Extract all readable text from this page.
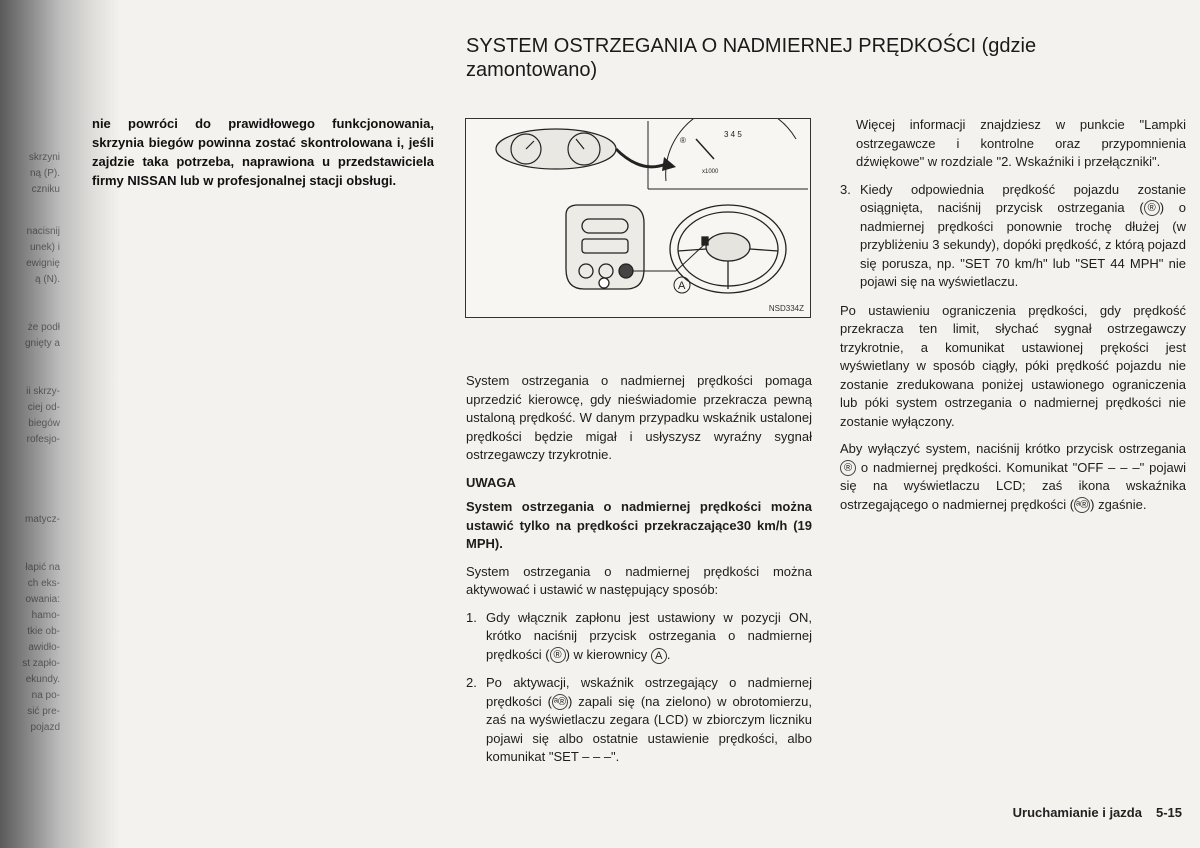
skrzyni
ną (P).
czniku
nacisnij
unek) i
ewignię
ą (N).
że podł
gnięty a
ii skrzy-
ciej od-
biegów
rofesjo-
matycz-
łapić na
ch eks-
owania:
hamo-
tkie ob-
awidło-
st zapło-
ekundy.
na po-
sić pre-
pojazd
SYSTEM OSTRZEGANIA O NADMIERNEJ PRĘDKOŚCI (gdzie zamontowano)

nie powróci do prawidłowego funkcjonowania, skrzynia biegów powinna zostać skontrolowana i, jeśli zajdzie taka potrzeba, naprawiona u przedstawiciela firmy NISSAN lub w profesjonalnej stacji obsługi.

®
3 4 5
x1000
A
NSD334Z

System ostrzegania o nadmiernej prędkości pomaga uprzedzić kierowcę, gdy nieświadomie przekracza pewną ustaloną prędkość. W danym przypadku wskaźnik ustalonej prędkości będzie migał i usłyszysz wyraźny sygnał ostrzegawczy trzykrotnie.

UWAGA

System ostrzegania o nadmiernej prędkości można ustawić tylko na prędkości przekraczające30 km/h (19 MPH).

System ostrzegania o nadmiernej prędkości można aktywować i ustawić w następujący sposób:

1. Gdy włącznik zapłonu jest ustawiony w pozycji ON, krótko naciśnij przycisk ostrzegania o nadmiernej prędkości ( ® ) w kierownicy A .
2. Po aktywacji, wskaźnik ostrzegający o nadmiernej prędkości ( ᵃ® ) zapali się (na zielono) w obrotomierzu, zaś na wyświetlaczu zegara (LCD) w zbiorczym liczniku pojawi się albo ostatnie ustawienie prędkości, albo komunikat "SET – – –".

Więcej informacji znajdziesz w punkcie "Lampki ostrzegawcze i kontrolne oraz przypomnienia dźwiękowe" w rozdziale "2. Wskaźniki i przełączniki".

3. Kiedy odpowiednia prędkość pojazdu zostanie osiągnięta, naciśnij przycisk ostrzegania ( ® ) o nadmiernej prędkości ponownie trochę dłużej (w przybliżeniu 3 sekundy), dopóki prędkość, z którą pojazd się porusza, np. "SET 70 km/h" lub "SET 44 MPH" nie pojawi się na wyświetlaczu.

Po ustawieniu ograniczenia prędkości, gdy prędkość przekracza ten limit, słychać sygnał ostrzegawczy trzykrotnie, a komunikat ustawionej prękości jest wyświetlany w sposób ciągły, póki prędkość pojazdu nie zostanie zredukowana poniżej ustawionego ograniczenia lub póki system ostrzegania o nadmiernej prędkości nie zostanie wyłączony.

Aby wyłączyć system, naciśnij krótko przycisk ostrzegania ® o nadmiernej prędkości. Komunikat "OFF – – –" pojawi się na wyświetlaczu LCD; zaś ikona wskaźnika ostrzegającego o nadmiernej prędkości ( ᵃ® ) zgaśnie.

Uruchamianie i jazda 5-15
